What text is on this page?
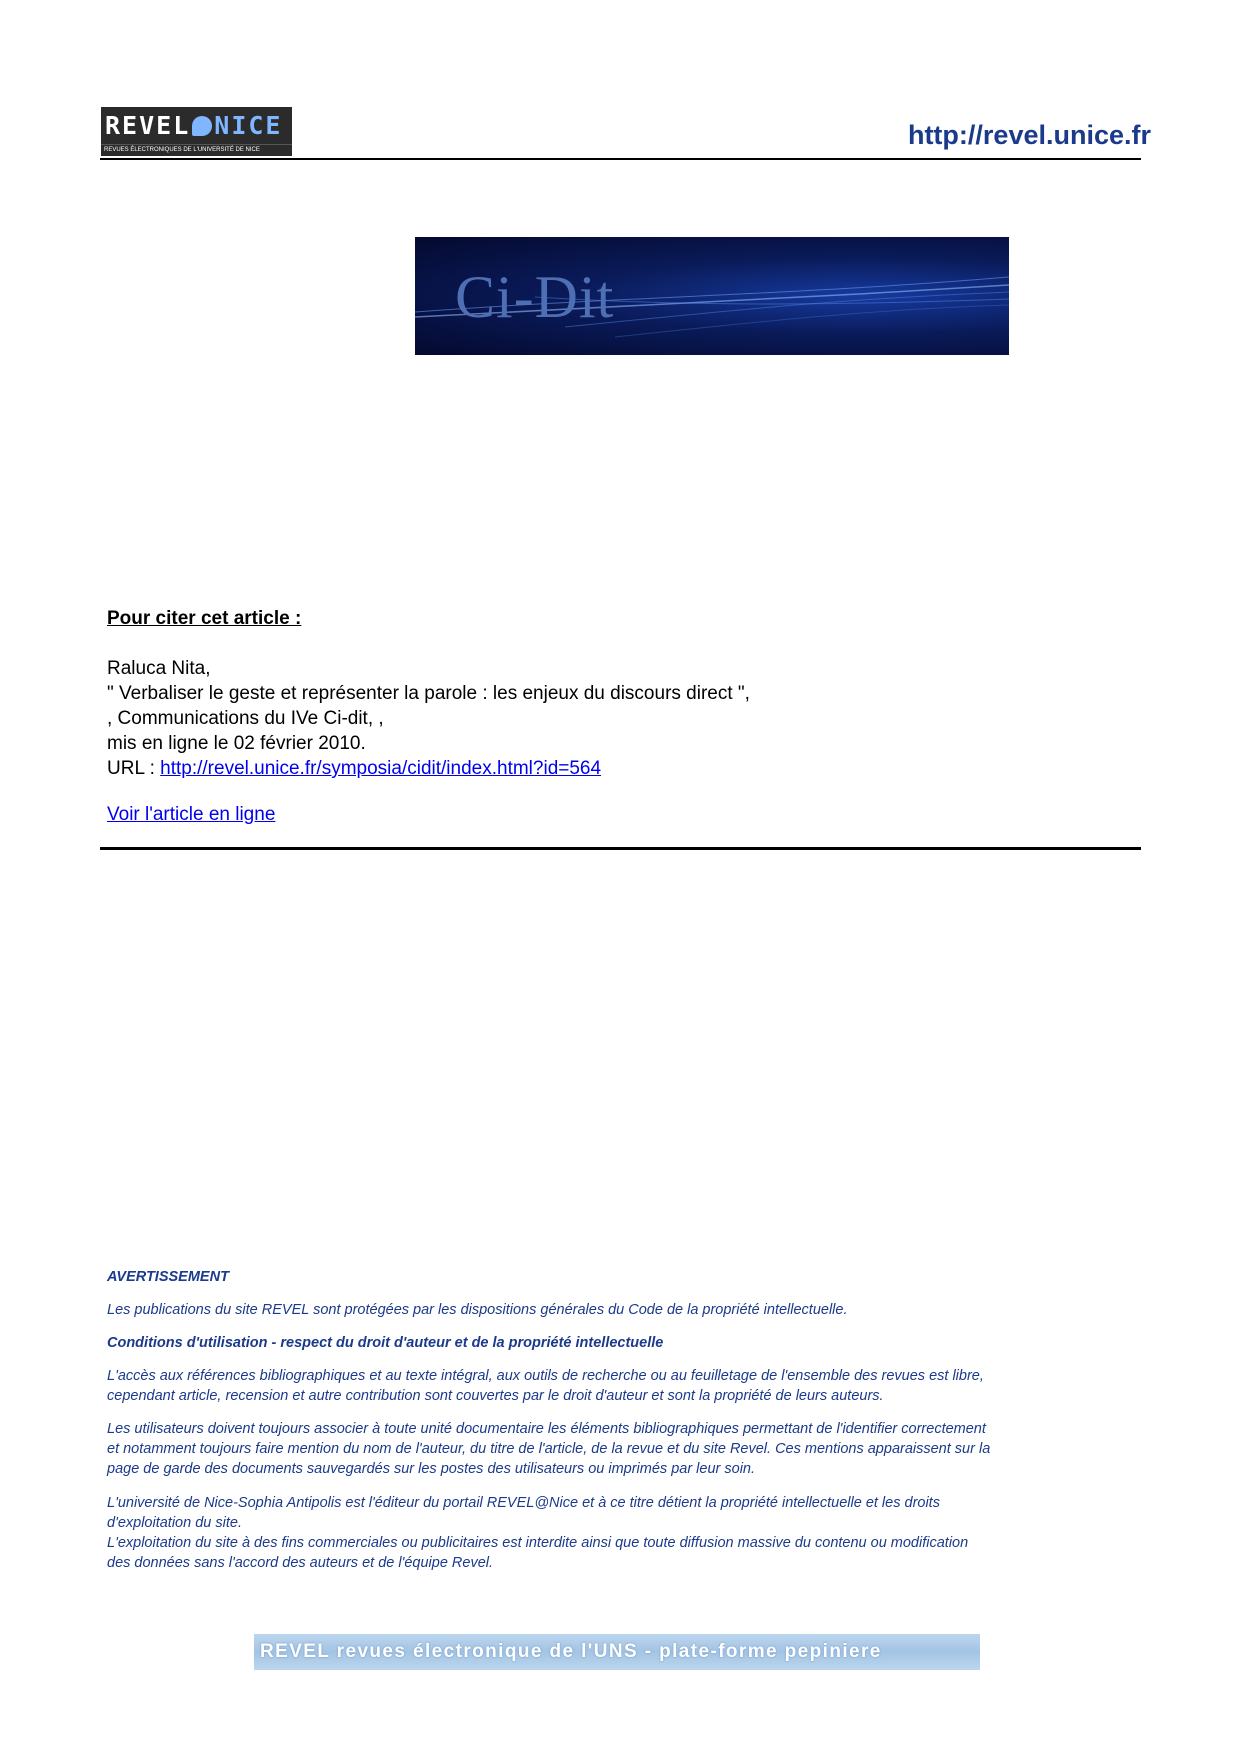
REVEL NICE
REVUES ÉLECTRONIQUES DE L'UNIVERSITÉ DE NICE	http://revel.unice.fr
Ci-Dit
Pour citer cet article :
Raluca Nita,
" Verbaliser le geste et représenter la parole : les enjeux du discours direct ",
, Communications du IVe Ci-dit, ,
mis en ligne le 02 février 2010.
URL : http://revel.unice.fr/symposia/cidit/index.html?id=564
Voir l'article en ligne
AVERTISSEMENT
Les publications du site REVEL sont protégées par les dispositions générales du Code de la propriété intellectuelle.
Conditions d'utilisation - respect du droit d'auteur et de la propriété intellectuelle
L'accès aux références bibliographiques et au texte intégral, aux outils de recherche ou au feuilletage de l'ensemble des revues est libre,
cependant article, recension et autre contribution sont couvertes par le droit d'auteur et sont la propriété de leurs auteurs.
Les utilisateurs doivent toujours associer à toute unité documentaire les éléments bibliographiques permettant de l'identifier correctement
et notamment toujours faire mention du nom de l'auteur, du titre de l'article, de la revue et du site Revel. Ces mentions apparaissent sur la
page de garde des documents sauvegardés sur les postes des utilisateurs ou imprimés par leur soin.
L'université de Nice-Sophia Antipolis est l'éditeur du portail REVEL@Nice et à ce titre détient la propriété intellectuelle et les droits
d'exploitation du site.
L'exploitation du site à des fins commerciales ou publicitaires est interdite ainsi que toute diffusion massive du contenu ou modification
des données sans l'accord des auteurs et de l'équipe Revel.
REVEL revues électronique de l'UNS - plate-forme pepiniere
